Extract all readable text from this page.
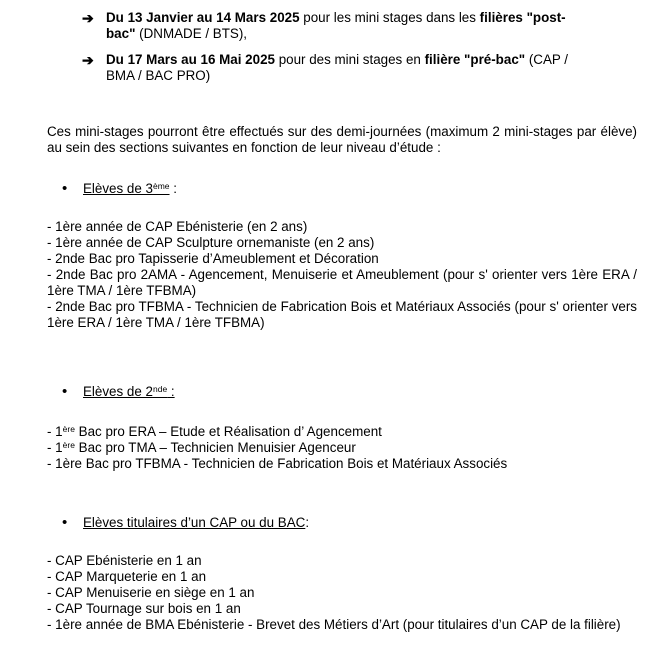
➔ Du 13 Janvier au 14 Mars 2025 pour les mini stages dans les filières "post-
bac" (DNMADE / BTS),
➔ Du 17 Mars au 16 Mai 2025 pour des mini stages en filière "pré-bac" (CAP /
BMA / BAC PRO)
Ces mini-stages pourront être effectués sur des demi-journées (maximum 2 mini-stages par élève) au sein des sections suivantes en fonction de leur niveau d’étude :
• Elèves de 3ème :
- 1ère année de CAP Ebénisterie (en 2 ans)
- 1ère année de CAP Sculpture ornemaniste (en 2 ans)
- 2nde Bac pro Tapisserie d’Ameublement et Décoration
- 2nde Bac pro 2AMA - Agencement, Menuiserie et Ameublement (pour s' orienter vers 1ère ERA / 1ère TMA / 1ère TFBMA)
- 2nde Bac pro TFBMA - Technicien de Fabrication Bois et Matériaux Associés (pour s' orienter vers 1ère ERA / 1ère TMA / 1ère TFBMA)
• Elèves de 2nde :
- 1ère Bac pro ERA – Etude et Réalisation d’ Agencement
- 1ère Bac pro TMA – Technicien Menuisier Agenceur
- 1ère Bac pro TFBMA - Technicien de Fabrication Bois et Matériaux Associés
• Elèves titulaires d’un CAP ou du BAC:
- CAP Ebénisterie en 1 an
- CAP Marqueterie en 1 an
- CAP Menuiserie en siège en 1 an
- CAP Tournage sur bois en 1 an
- 1ère année de BMA Ebénisterie - Brevet des Métiers d’Art (pour titulaires d’un CAP de la filière)
